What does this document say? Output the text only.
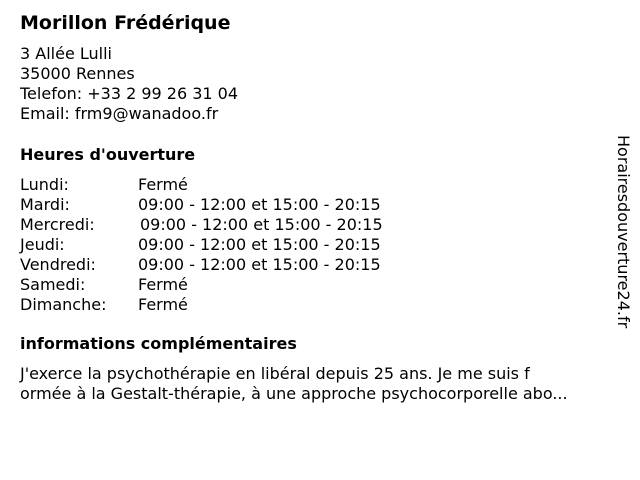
Morillon Frédérique
3 Allée Lulli
35000 Rennes
Telefon: +33 2 99 26 31 04
Email: frm9@wanadoo.fr
Heures d'ouverture
Lundi:	Fermé
Mardi:	09:00 - 12:00 et 15:00 - 20:15
Mercredi:	09:00 - 12:00 et 15:00 - 20:15
Jeudi:	09:00 - 12:00 et 15:00 - 20:15
Vendredi:	09:00 - 12:00 et 15:00 - 20:15
Samedi:	Fermé
Dimanche: Fermé
informations complémentaires
J'exerce la psychothérapie en libéral depuis 25 ans. Je me suis f
ormée à la Gestalt-thérapie, à une approche psychocorporelle abo...
Horairesdouverture24.fr
